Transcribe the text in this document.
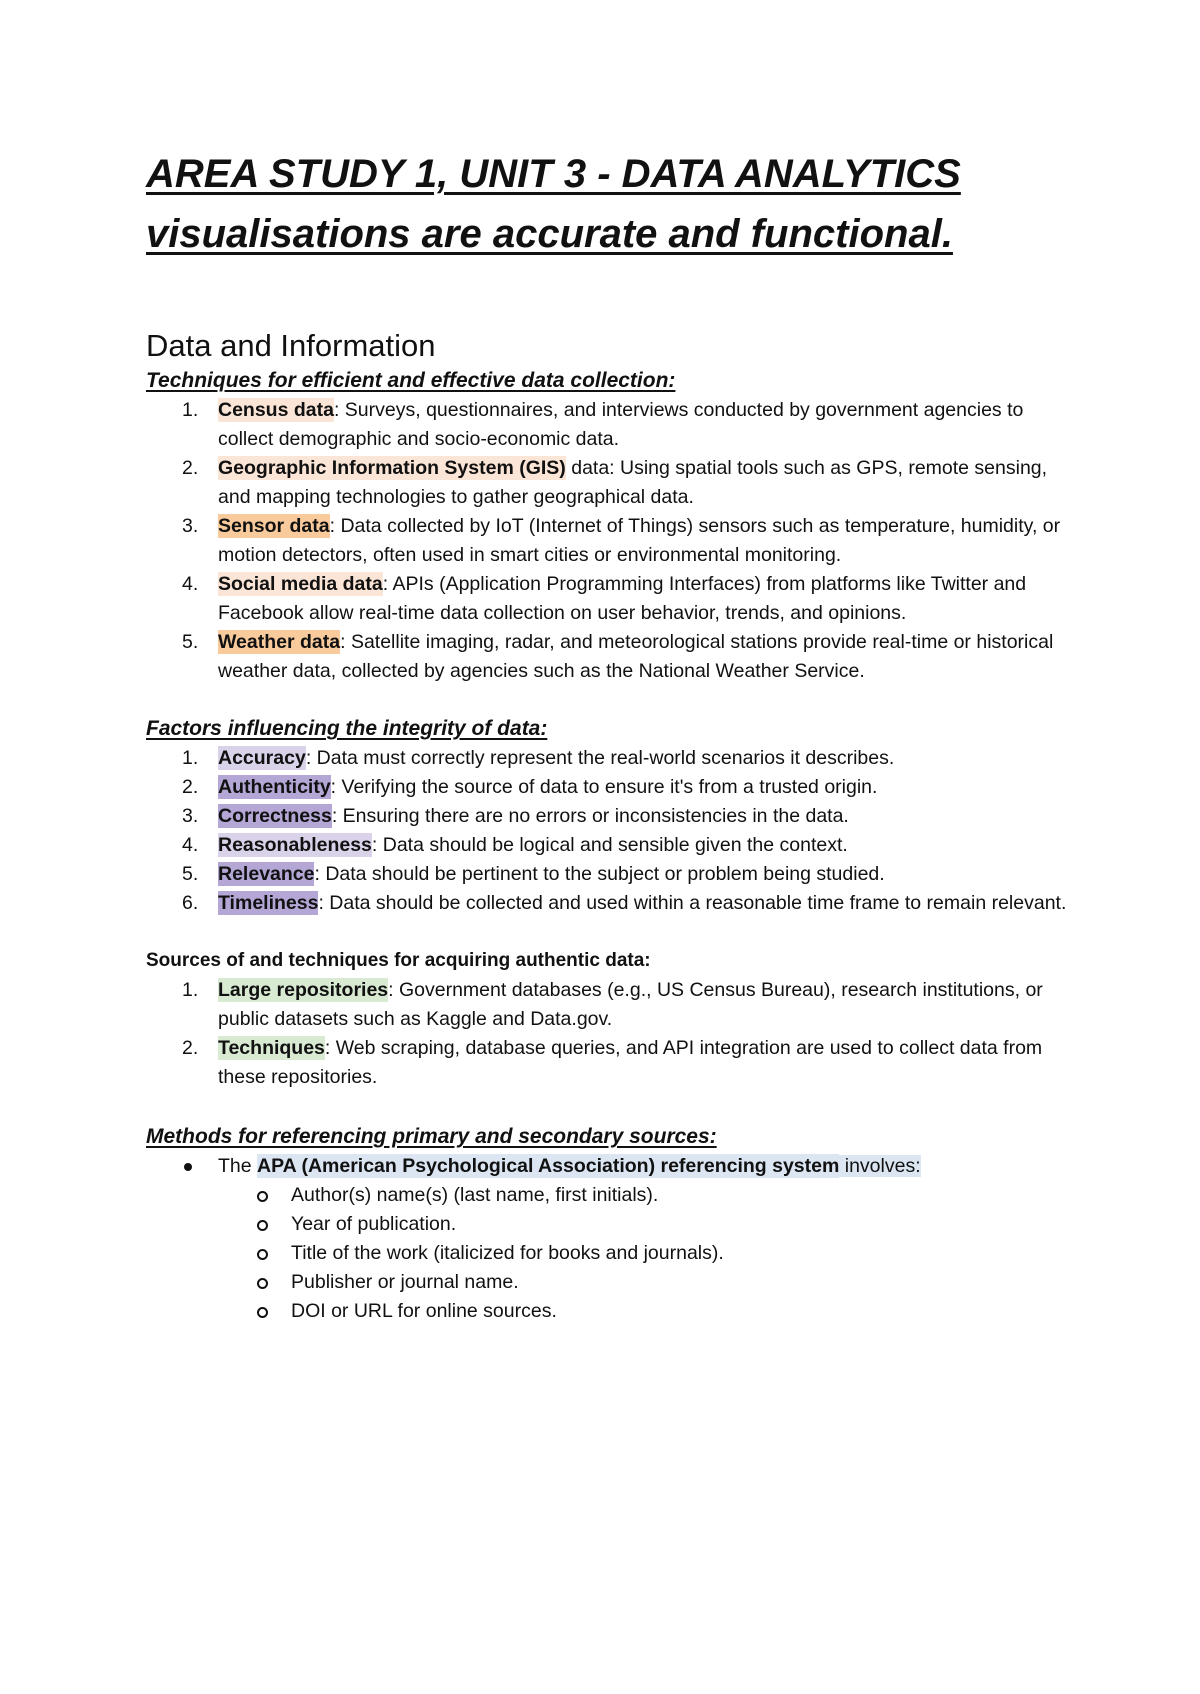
AREA STUDY 1, UNIT 3 - DATA ANALYTICS
visualisations are accurate and functional.
Data and Information
Techniques for efficient and effective data collection:
1. Census data: Surveys, questionnaires, and interviews conducted by government agencies to collect demographic and socio-economic data.
2. Geographic Information System (GIS) data: Using spatial tools such as GPS, remote sensing, and mapping technologies to gather geographical data.
3. Sensor data: Data collected by IoT (Internet of Things) sensors such as temperature, humidity, or motion detectors, often used in smart cities or environmental monitoring.
4. Social media data: APIs (Application Programming Interfaces) from platforms like Twitter and Facebook allow real-time data collection on user behavior, trends, and opinions.
5. Weather data: Satellite imaging, radar, and meteorological stations provide real-time or historical weather data, collected by agencies such as the National Weather Service.
Factors influencing the integrity of data:
1. Accuracy: Data must correctly represent the real-world scenarios it describes.
2. Authenticity: Verifying the source of data to ensure it's from a trusted origin.
3. Correctness: Ensuring there are no errors or inconsistencies in the data.
4. Reasonableness: Data should be logical and sensible given the context.
5. Relevance: Data should be pertinent to the subject or problem being studied.
6. Timeliness: Data should be collected and used within a reasonable time frame to remain relevant.
Sources of and techniques for acquiring authentic data:
1. Large repositories: Government databases (e.g., US Census Bureau), research institutions, or public datasets such as Kaggle and Data.gov.
2. Techniques: Web scraping, database queries, and API integration are used to collect data from these repositories.
Methods for referencing primary and secondary sources:
The APA (American Psychological Association) referencing system involves:
Author(s) name(s) (last name, first initials).
Year of publication.
Title of the work (italicized for books and journals).
Publisher or journal name.
DOI or URL for online sources.
